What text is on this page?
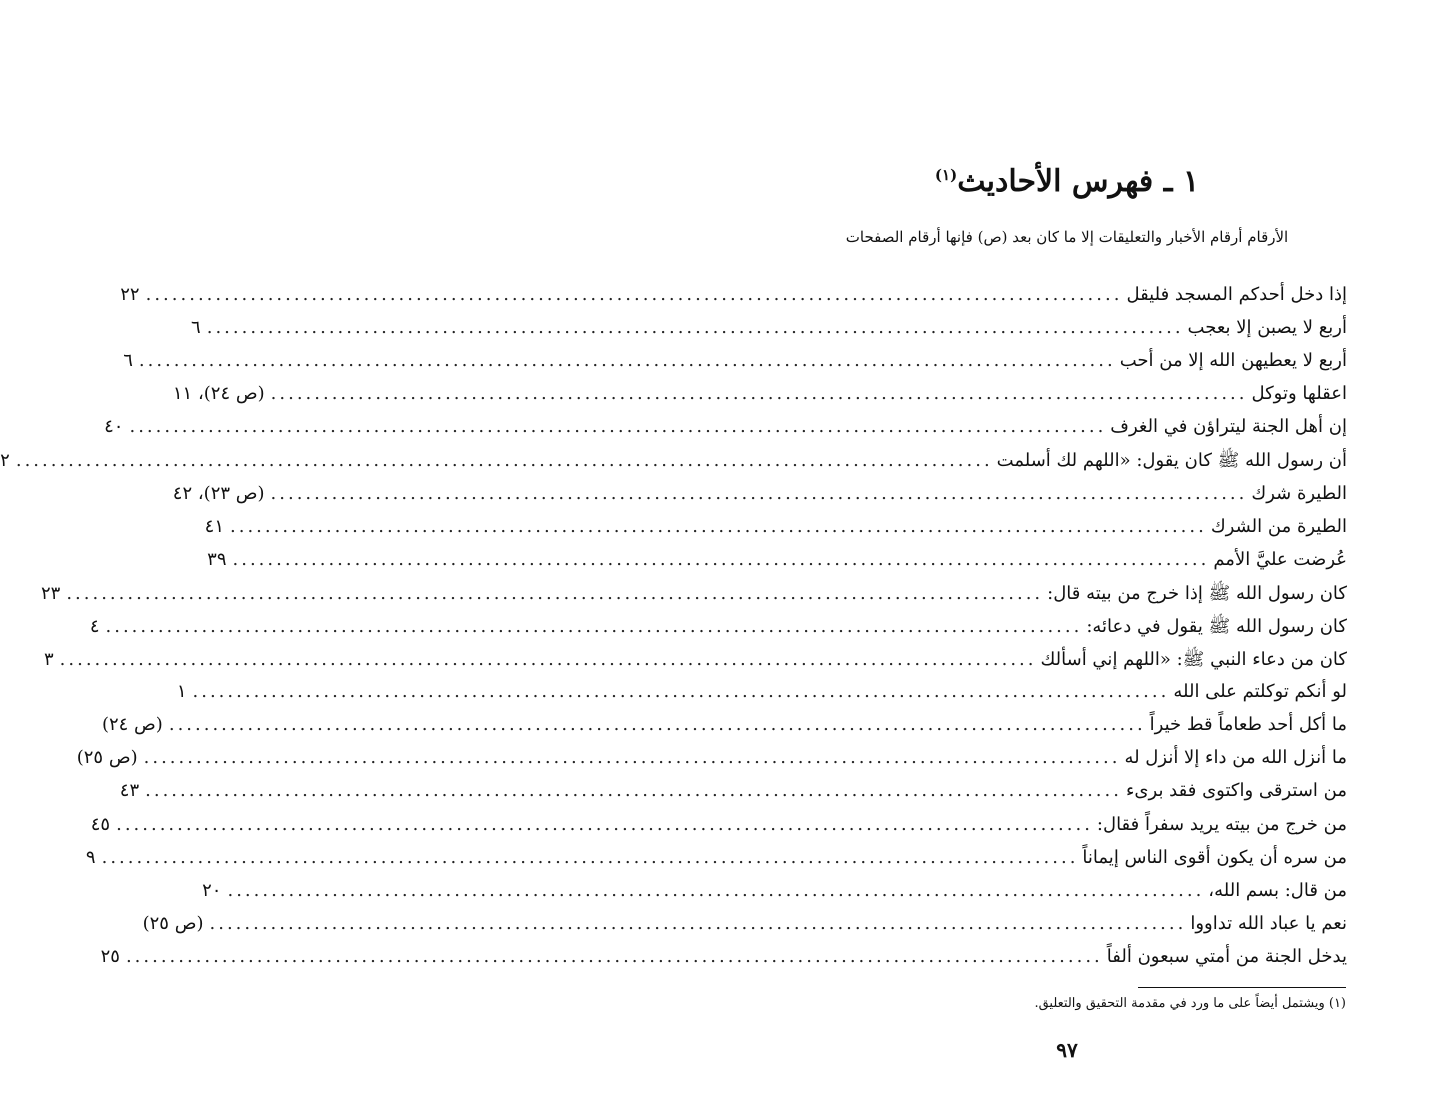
١ ـ فهرس الأحاديث$^{(١)}$
الأرقام أرقام الأخبار والتعليقات إلا ما كان بعد (ص) فإنها أرقام الصفحات
إذا دخل أحدكم المسجد فليقل
................................................................................................................
٢٢
أربع لا يصبن إلا بعجب
................................................................................................................
٦
أربع لا يعطيهن الله إلا من أحب
................................................................................................................
٦
اعقلها وتوكل
................................................................................................................
(ص ٢٤)، ١١
إن أهل الجنة ليتراؤن في الغرف
................................................................................................................
٤٠
أن رسول الله ﷺ كان يقول: «اللهم لك أسلمت
................................................................................................................
٢
الطيرة شرك
................................................................................................................
(ص ٢٣)، ٤٢
الطيرة من الشرك
................................................................................................................
٤١
عُرضت عليَّ الأمم
................................................................................................................
٣٩
كان رسول الله ﷺ إذا خرج من بيته قال:
................................................................................................................
٢٣
كان رسول الله ﷺ يقول في دعائه:
................................................................................................................
٤
كان من دعاء النبي ﷺ: «اللهم إني أسألك
................................................................................................................
٣
لو أنكم توكلتم على الله
................................................................................................................
١
ما أكل أحد طعاماً قط خيراً
................................................................................................................
(ص ٢٤)
ما أنزل الله من داء إلا أنزل له
................................................................................................................
(ص ٢٥)
من استرقى واكتوى فقد برىء
................................................................................................................
٤٣
من خرج من بيته يريد سفراً فقال:
................................................................................................................
٤٥
من سره أن يكون أقوى الناس إيماناً
................................................................................................................
٩
من قال: بسم الله،
................................................................................................................
٢٠
نعم يا عباد الله تداووا
................................................................................................................
(ص ٢٥)
يدخل الجنة من أمتي سبعون ألفاً
................................................................................................................
٢٥
(١) ويشتمل أيضاً على ما ورد في مقدمة التحقيق والتعليق.
٩٧
